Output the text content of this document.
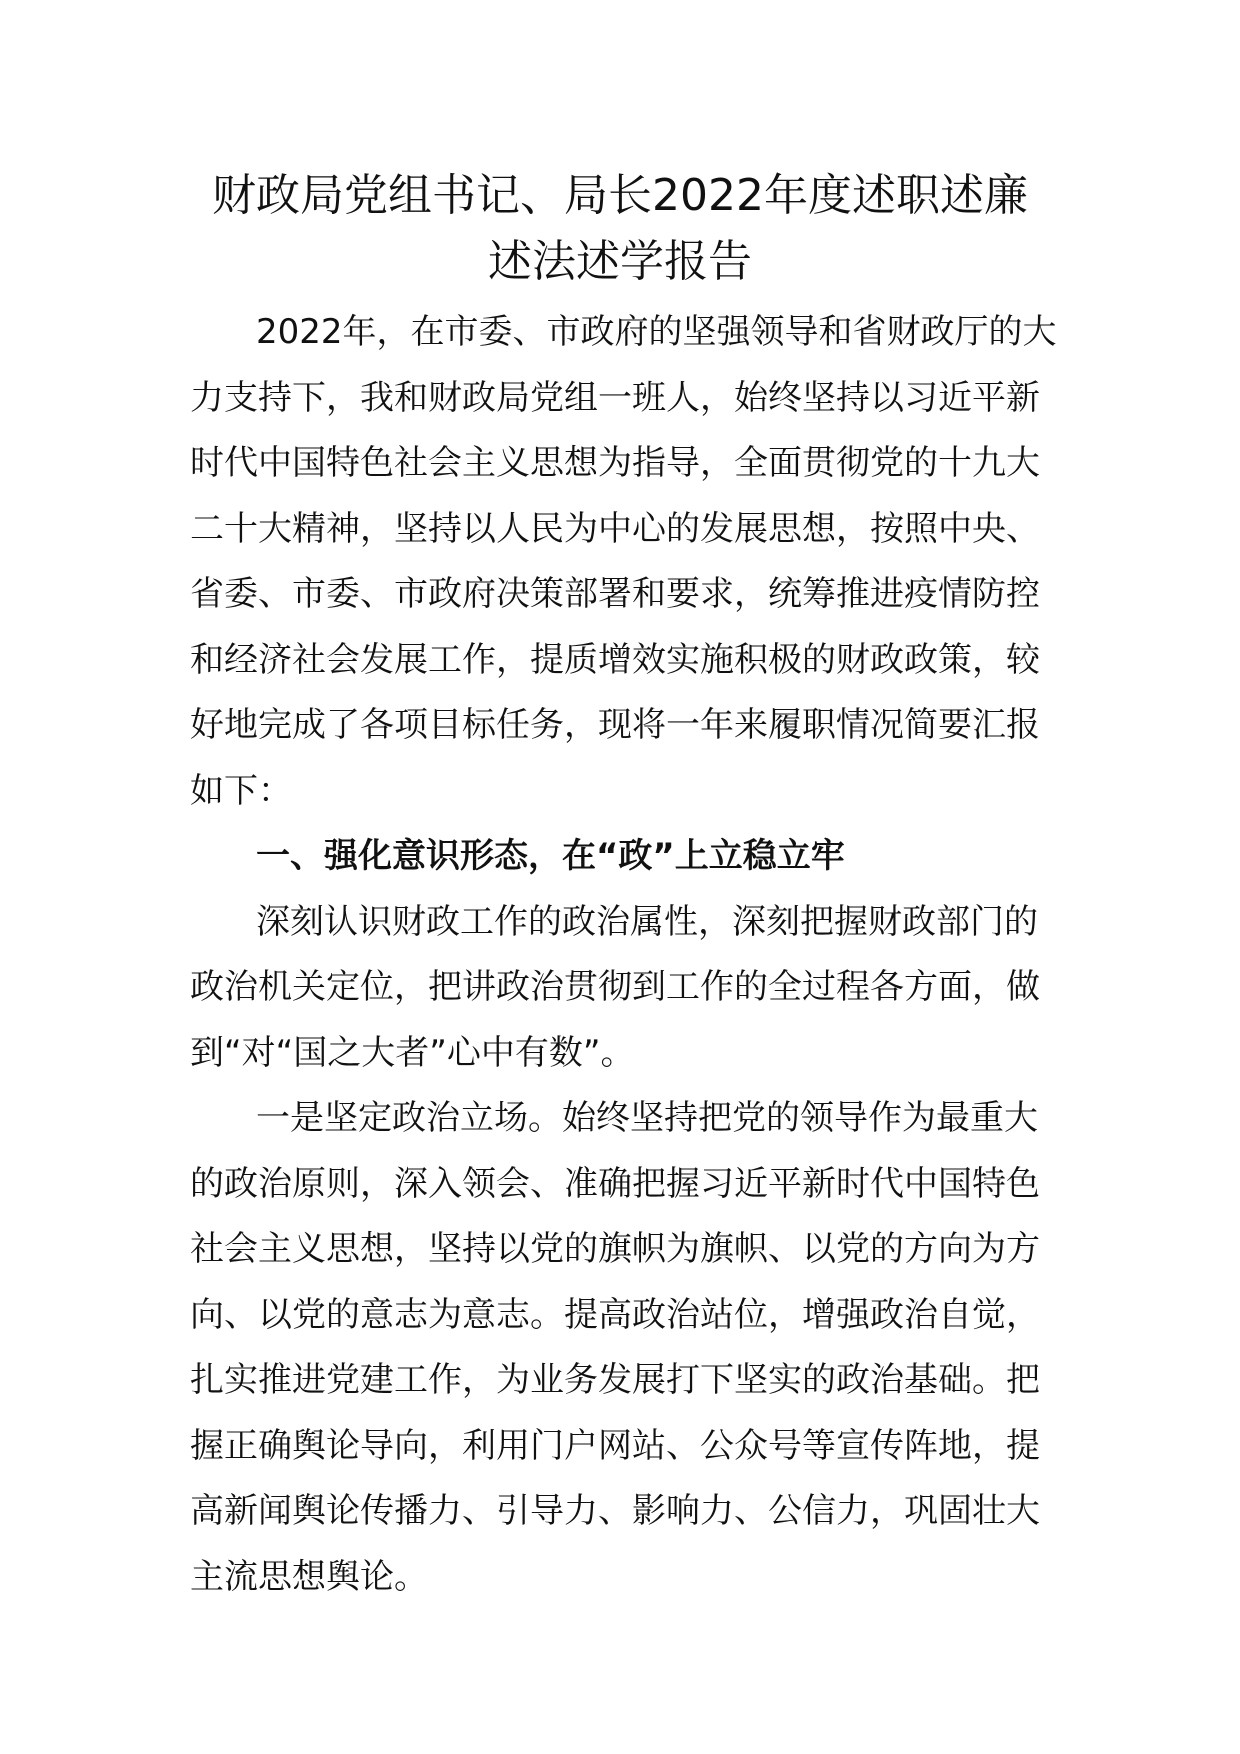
财政局党组书记、局长2022年度述职述廉
述法述学报告
2022年，在市委、市政府的坚强领导和省财政厅的大
力支持下，我和财政局党组一班人，始终坚持以习近平新
时代中国特色社会主义思想为指导，全面贯彻党的十九大
二十大精神，坚持以人民为中心的发展思想，按照中央、
省委、市委、市政府决策部署和要求，统筹推进疫情防控
和经济社会发展工作，提质增效实施积极的财政政策，较
好地完成了各项目标任务，现将一年来履职情况简要汇报
如下：
一、强化意识形态，在“政”上立稳立牢
深刻认识财政工作的政治属性，深刻把握财政部门的
政治机关定位，把讲政治贯彻到工作的全过程各方面，做
到“对“国之大者”心中有数”。
一是坚定政治立场。始终坚持把党的领导作为最重大
的政治原则，深入领会、准确把握习近平新时代中国特色
社会主义思想，坚持以党的旗帜为旗帜、以党的方向为方
向、以党的意志为意志。提高政治站位，增强政治自觉，
扎实推进党建工作，为业务发展打下坚实的政治基础。把
握正确舆论导向，利用门户网站、公众号等宣传阵地，提
高新闻舆论传播力、引导力、影响力、公信力，巩固壮大
主流思想舆论。
